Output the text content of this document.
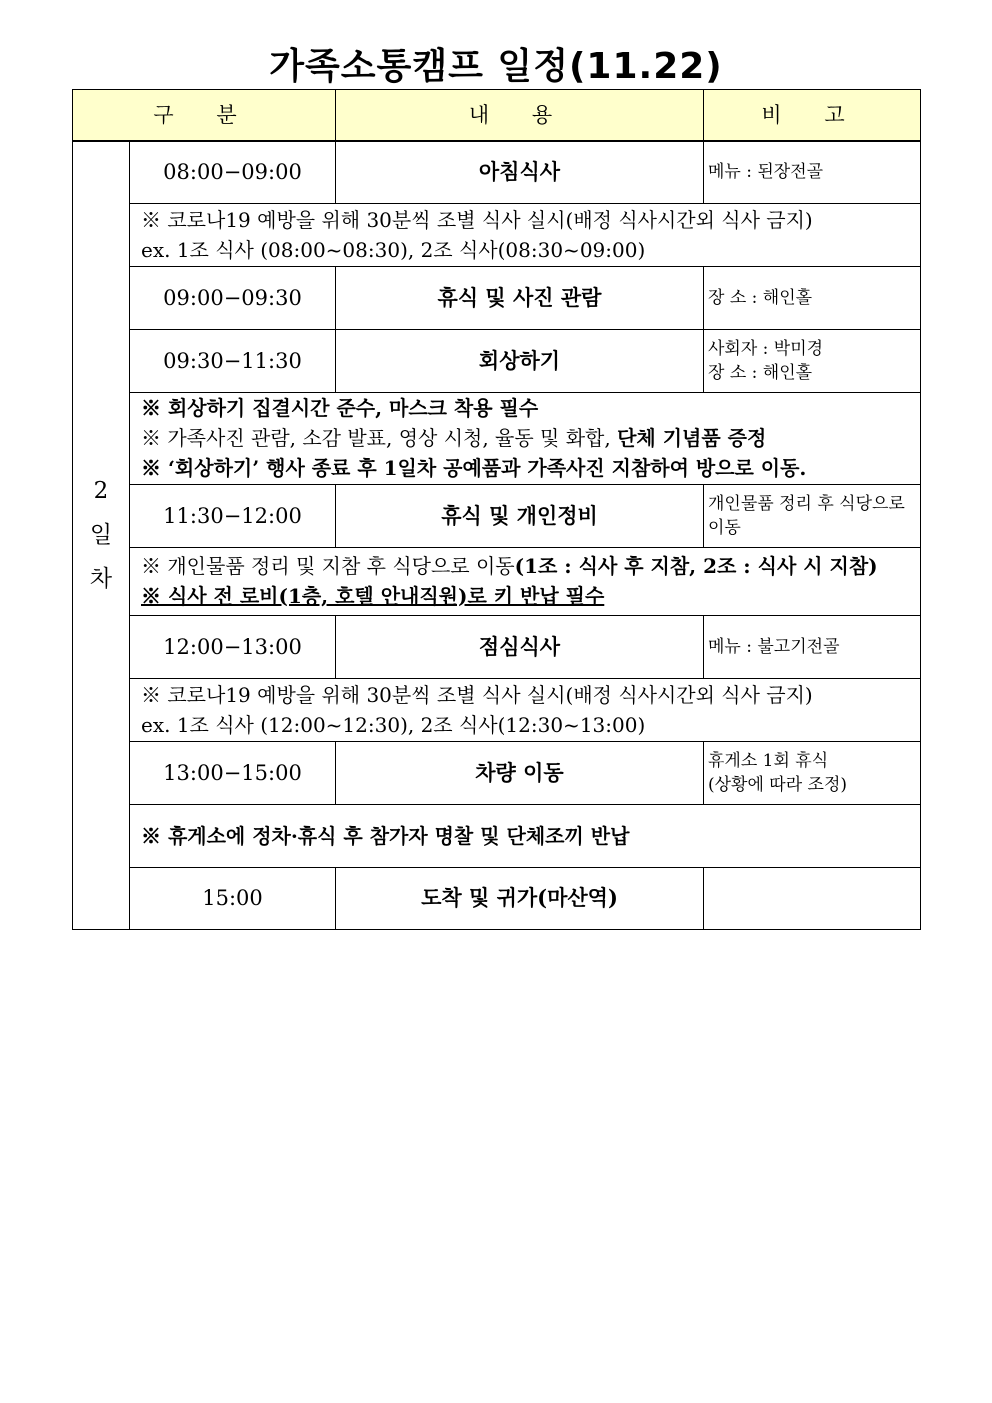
가족소통캠프 일정(11.22)
구 분		내 용	비 고

2
일
차	08:00−09:00	아침식사	메뉴 : 된장전골

	※ 코로나19 예방을 위해 30분씩 조별 식사 실시(배정 식사시간외 식사 금지)
ex. 1조 식사 (08:00~08:30), 2조 식사(08:30~09:00)		

	09:00−09:30	휴식 및 사진 관람	장 소 : 해인홀
	09:30−11:30	회상하기	사회자 : 박미경
장 소 : 해인홀

	※ 회상하기 집결시간 준수, 마스크 착용 필수
※ 가족사진 관람, 소감 발표, 영상 시청, 율동 및 화합, 단체 기념품 증정
※ ‘회상하기’ 행사 종료 후 1일차 공예품과 가족사진 지참하여 방으로 이동.		

	11:30−12:00	휴식 및 개인정비	개인물품 정리 후 식당으로 이동

	※ 개인물품 정리 및 지참 후 식당으로 이동(1조 : 식사 후 지참, 2조 : 식사 시 지참)
※ 식사 전 로비(1층, 호텔 안내직원)로 키 반납 필수		

	12:00−13:00	점심식사	메뉴 : 불고기전골

	※ 코로나19 예방을 위해 30분씩 조별 식사 실시(배정 식사시간외 식사 금지)
ex. 1조 식사 (12:00~12:30), 2조 식사(12:30~13:00)		

	13:00−15:00	차량 이동	휴게소 1회 휴식
(상황에 따라 조정)

	※ 휴게소에 정차·휴식 후 참가자 명찰 및 단체조끼 반납		
	15:00	도착 및 귀가(마산역)	
